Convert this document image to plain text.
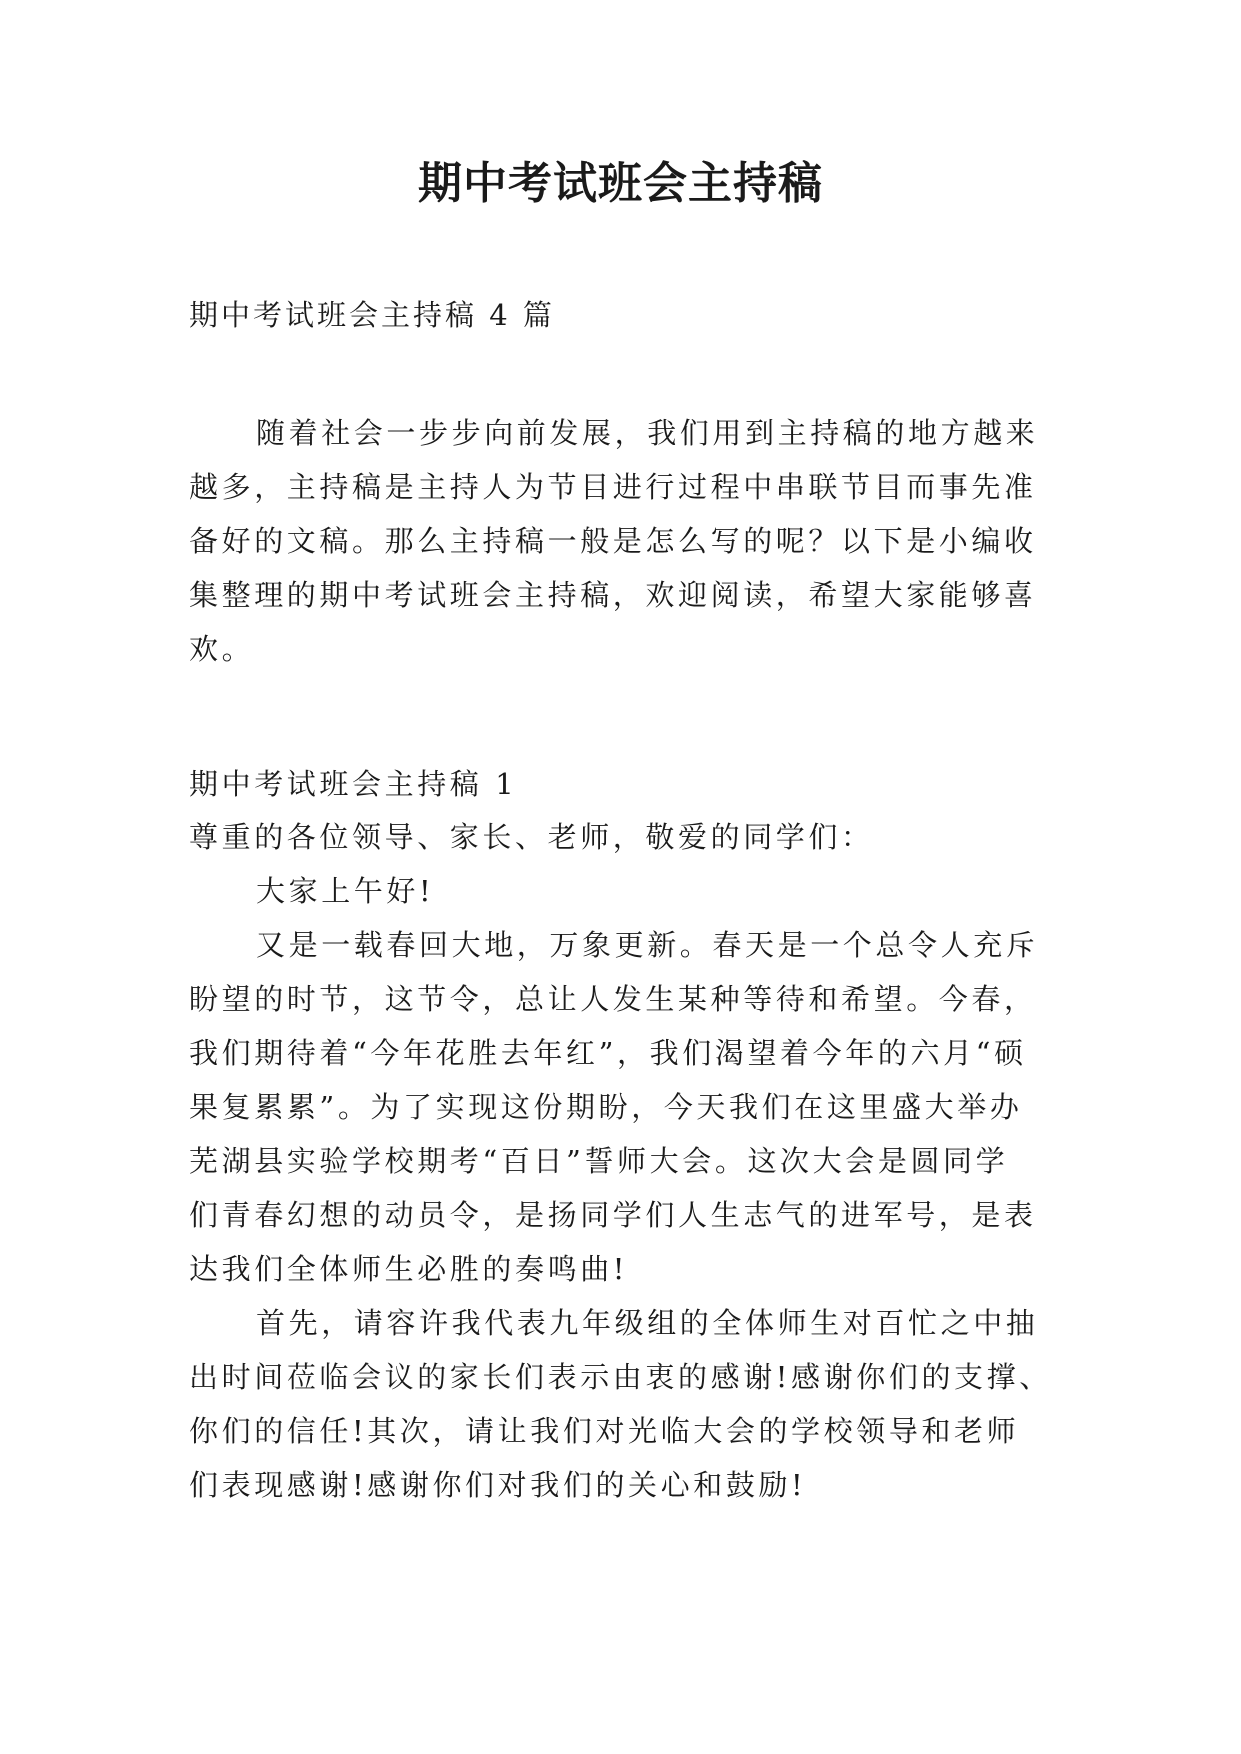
期中考试班会主持稿
期中考试班会主持稿 4 篇
随着社会一步步向前发展，我们用到主持稿的地方越来
越多，主持稿是主持人为节目进行过程中串联节目而事先准
备好的文稿。那么主持稿一般是怎么写的呢？以下是小编收
集整理的期中考试班会主持稿，欢迎阅读，希望大家能够喜
欢。
期中考试班会主持稿 1
尊重的各位领导、家长、老师，敬爱的同学们：
大家上午好!
又是一载春回大地，万象更新。春天是一个总令人充斥
盼望的时节，这节令，总让人发生某种等待和希望。今春，
我们期待着“今年花胜去年红”，我们渴望着今年的六月“硕
果复累累”。为了实现这份期盼，今天我们在这里盛大举办
芜湖县实验学校期考“百日”誓师大会。这次大会是圆同学
们青春幻想的动员令，是扬同学们人生志气的进军号，是表
达我们全体师生必胜的奏鸣曲!
首先，请容许我代表九年级组的全体师生对百忙之中抽
出时间莅临会议的家长们表示由衷的感谢!感谢你们的支撑、
你们的信任!其次，请让我们对光临大会的学校领导和老师
们表现感谢!感谢你们对我们的关心和鼓励!
